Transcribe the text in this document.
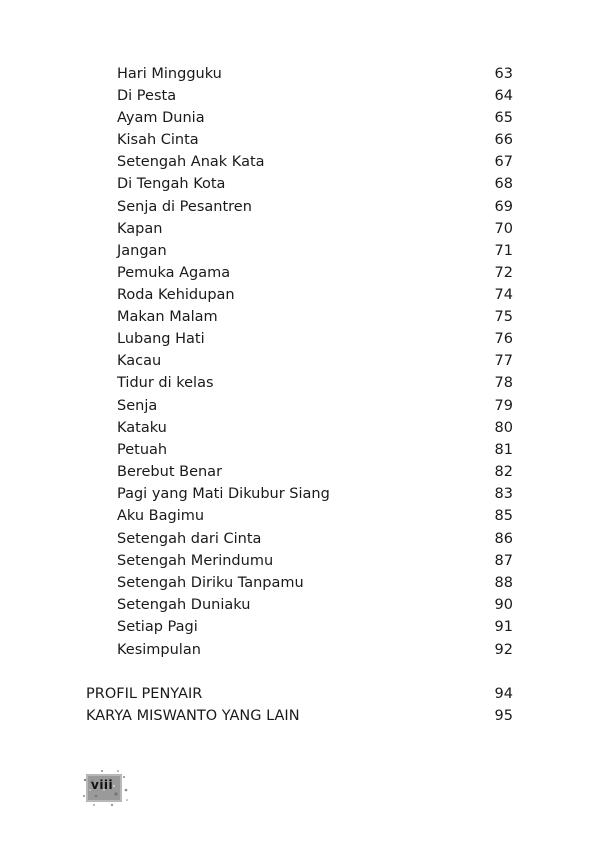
Hari Mingguku	63
Di Pesta	64
Ayam Dunia	65
Kisah Cinta	66
Setengah Anak Kata	67
Di Tengah Kota	68
Senja di Pesantren	69
Kapan	70
Jangan	71
Pemuka Agama	72
Roda Kehidupan	74
Makan Malam	75
Lubang Hati	76
Kacau	77
Tidur di kelas	78
Senja	79
Kataku	80
Petuah	81
Berebut Benar	82
Pagi yang Mati Dikubur Siang	83
Aku Bagimu	85
Setengah dari Cinta	86
Setengah Merindumu	87
Setengah Diriku Tanpamu	88
Setengah Duniaku	90
Setiap Pagi	91
Kesimpulan	92
PROFIL PENYAIR	94
KARYA MISWANTO YANG LAIN	95
viii
